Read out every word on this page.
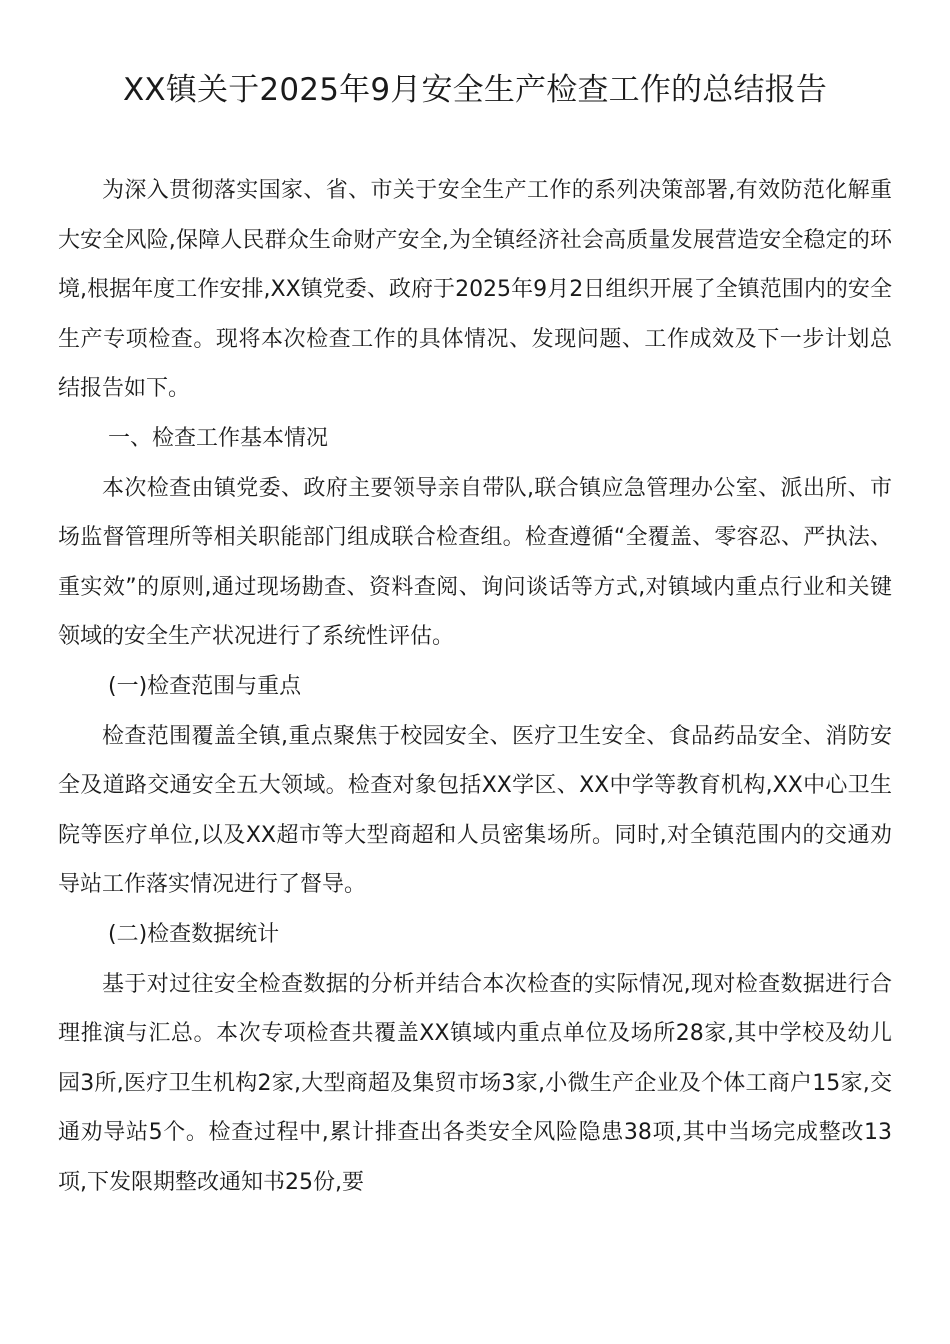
XX镇关于2025年9月安全生产检查工作的总结报告

为深入贯彻落实国家、省、市关于安全生产工作的系列决策部署,有效防范化解重大安全风险,保障人民群众生命财产安全,为全镇经济社会高质量发展营造安全稳定的环境,根据年度工作安排,XX镇党委、政府于2025年9月2日组织开展了全镇范围内的安全生产专项检查。现将本次检查工作的具体情况、发现问题、工作成效及下一步计划总结报告如下。

一、检查工作基本情况

本次检查由镇党委、政府主要领导亲自带队,联合镇应急管理办公室、派出所、市场监督管理所等相关职能部门组成联合检查组。检查遵循“全覆盖、零容忍、严执法、重实效”的原则,通过现场勘查、资料查阅、询问谈话等方式,对镇域内重点行业和关键领域的安全生产状况进行了系统性评估。

(一)检查范围与重点

检查范围覆盖全镇,重点聚焦于校园安全、医疗卫生安全、食品药品安全、消防安全及道路交通安全五大领域。检查对象包括XX学区、XX中学等教育机构,XX中心卫生院等医疗单位,以及XX超市等大型商超和人员密集场所。同时,对全镇范围内的交通劝导站工作落实情况进行了督导。

(二)检查数据统计

基于对过往安全检查数据的分析并结合本次检查的实际情况,现对检查数据进行合理推演与汇总。本次专项检查共覆盖XX镇域内重点单位及场所28家,其中学校及幼儿园3所,医疗卫生机构2家,大型商超及集贸市场3家,小微生产企业及个体工商户15家,交通劝导站5个。检查过程中,累计排查出各类安全风险隐患38项,其中当场完成整改13项,下发限期整改通知书25份,要
